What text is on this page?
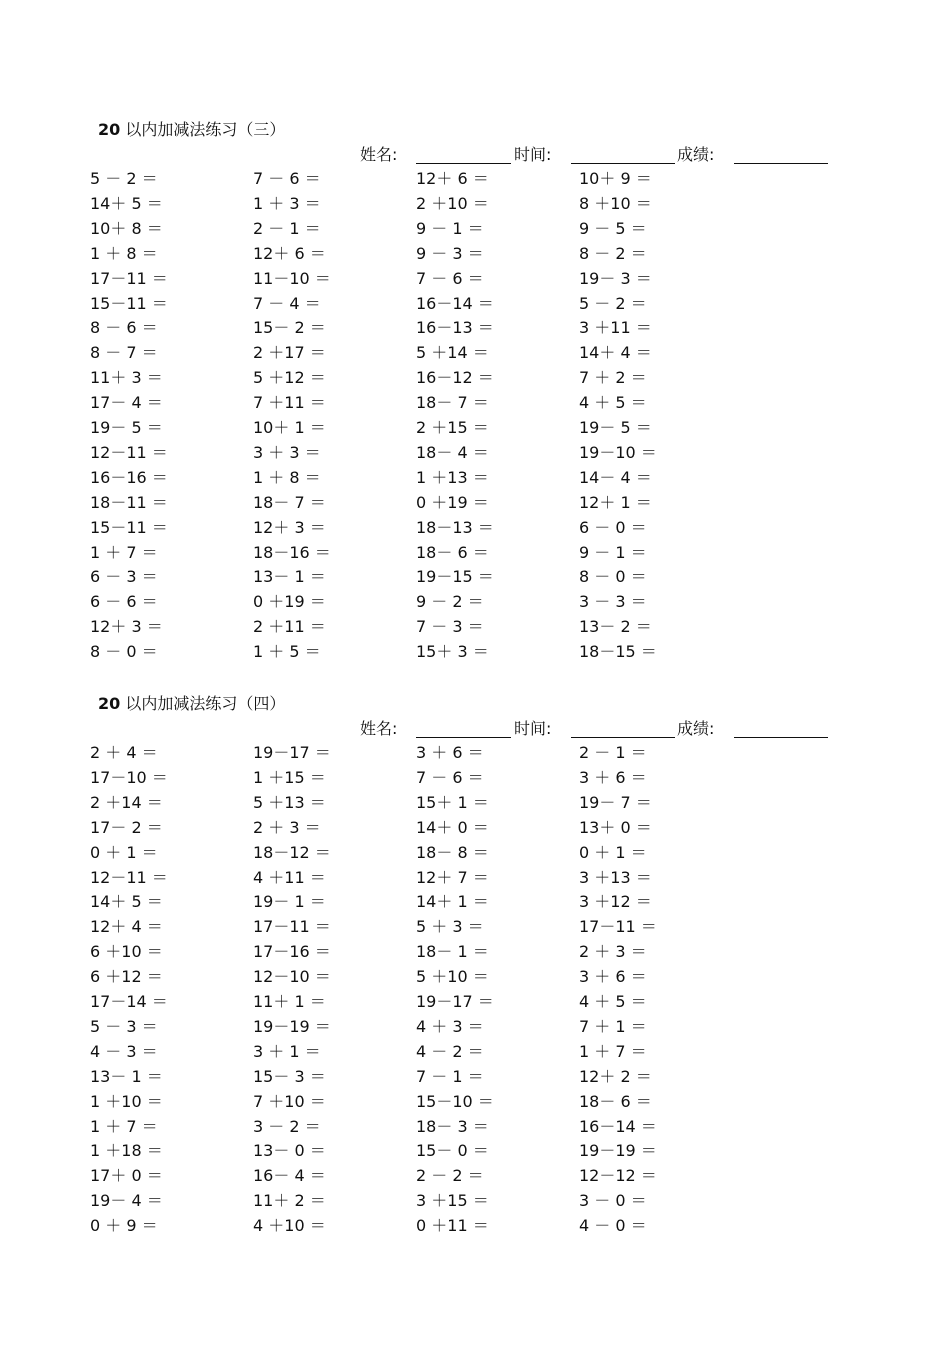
20 以内加减法练习（三）
姓名:	时间:	成绩:
5 － 2 ＝	7 － 6 ＝	12＋ 6 ＝	10＋ 9 ＝
14＋ 5 ＝	1 ＋ 3 ＝	2 ＋10 ＝	8 ＋10 ＝
10＋ 8 ＝	2 － 1 ＝	9 － 1 ＝	9 － 5 ＝
1 ＋ 8 ＝	12＋ 6 ＝	9 － 3 ＝	8 － 2 ＝
17－11 ＝	11－10 ＝	7 － 6 ＝	19－ 3 ＝
15－11 ＝	7 － 4 ＝	16－14 ＝	5 － 2 ＝
8 － 6 ＝	15－ 2 ＝	16－13 ＝	3 ＋11 ＝
8 － 7 ＝	2 ＋17 ＝	5 ＋14 ＝	14＋ 4 ＝
11＋ 3 ＝	5 ＋12 ＝	16－12 ＝	7 ＋ 2 ＝
17－ 4 ＝	7 ＋11 ＝	18－ 7 ＝	4 ＋ 5 ＝
19－ 5 ＝	10＋ 1 ＝	2 ＋15 ＝	19－ 5 ＝
12－11 ＝	3 ＋ 3 ＝	18－ 4 ＝	19－10 ＝
16－16 ＝	1 ＋ 8 ＝	1 ＋13 ＝	14－ 4 ＝
18－11 ＝	18－ 7 ＝	0 ＋19 ＝	12＋ 1 ＝
15－11 ＝	12＋ 3 ＝	18－13 ＝	6 － 0 ＝
1 ＋ 7 ＝	18－16 ＝	18－ 6 ＝	9 － 1 ＝
6 － 3 ＝	13－ 1 ＝	19－15 ＝	8 － 0 ＝
6 － 6 ＝	0 ＋19 ＝	9 － 2 ＝	3 － 3 ＝
12＋ 3 ＝	2 ＋11 ＝	7 － 3 ＝	13－ 2 ＝
8 － 0 ＝	1 ＋ 5 ＝	15＋ 3 ＝	18－15 ＝
20 以内加减法练习（四）
姓名:	时间:	成绩:
2 ＋ 4 ＝	19－17 ＝	3 ＋ 6 ＝	2 － 1 ＝
17－10 ＝	1 ＋15 ＝	7 － 6 ＝	3 ＋ 6 ＝
2 ＋14 ＝	5 ＋13 ＝	15＋ 1 ＝	19－ 7 ＝
17－ 2 ＝	2 ＋ 3 ＝	14＋ 0 ＝	13＋ 0 ＝
0 ＋ 1 ＝	18－12 ＝	18－ 8 ＝	0 ＋ 1 ＝
12－11 ＝	4 ＋11 ＝	12＋ 7 ＝	3 ＋13 ＝
14＋ 5 ＝	19－ 1 ＝	14＋ 1 ＝	3 ＋12 ＝
12＋ 4 ＝	17－11 ＝	5 ＋ 3 ＝	17－11 ＝
6 ＋10 ＝	17－16 ＝	18－ 1 ＝	2 ＋ 3 ＝
6 ＋12 ＝	12－10 ＝	5 ＋10 ＝	3 ＋ 6 ＝
17－14 ＝	11＋ 1 ＝	19－17 ＝	4 ＋ 5 ＝
5 － 3 ＝	19－19 ＝	4 ＋ 3 ＝	7 ＋ 1 ＝
4 － 3 ＝	3 ＋ 1 ＝	4 － 2 ＝	1 ＋ 7 ＝
13－ 1 ＝	15－ 3 ＝	7 － 1 ＝	12＋ 2 ＝
1 ＋10 ＝	7 ＋10 ＝	15－10 ＝	18－ 6 ＝
1 ＋ 7 ＝	3 － 2 ＝	18－ 3 ＝	16－14 ＝
1 ＋18 ＝	13－ 0 ＝	15－ 0 ＝	19－19 ＝
17＋ 0 ＝	16－ 4 ＝	2 － 2 ＝	12－12 ＝
19－ 4 ＝	11＋ 2 ＝	3 ＋15 ＝	3 － 0 ＝
0 ＋ 9 ＝	4 ＋10 ＝	0 ＋11 ＝	4 － 0 ＝
